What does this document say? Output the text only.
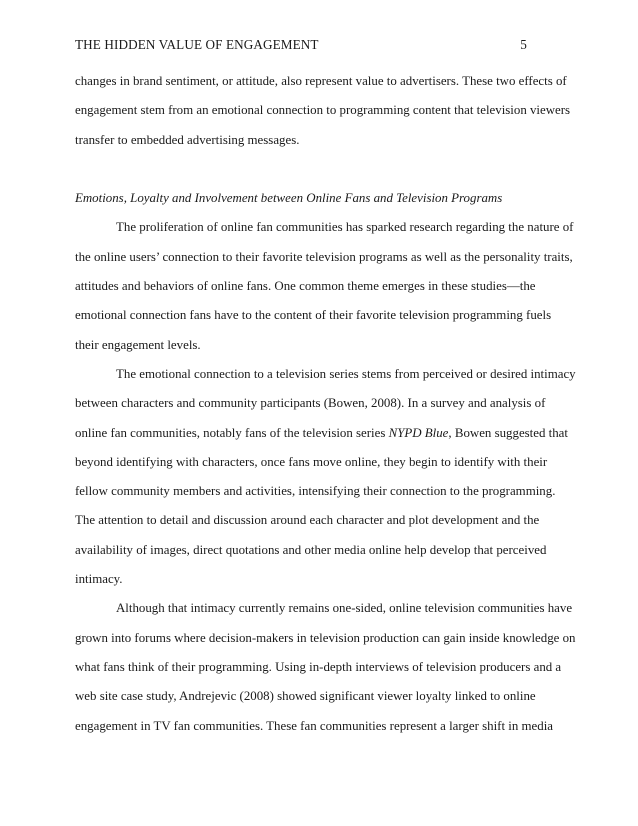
THE HIDDEN VALUE OF ENGAGEMENT	5
changes in brand sentiment, or attitude, also represent value to advertisers. These two effects of
engagement stem from an emotional connection to programming content that television viewers
transfer to embedded advertising messages.
Emotions, Loyalty and Involvement between Online Fans and Television Programs
The proliferation of online fan communities has sparked research regarding the nature of
the online users’ connection to their favorite television programs as well as the personality traits,
attitudes and behaviors of online fans. One common theme emerges in these studies—the
emotional connection fans have to the content of their favorite television programming fuels
their engagement levels.
The emotional connection to a television series stems from perceived or desired intimacy
between characters and community participants (Bowen, 2008). In a survey and analysis of
online fan communities, notably fans of the television series NYPD Blue, Bowen suggested that
beyond identifying with characters, once fans move online, they begin to identify with their
fellow community members and activities, intensifying their connection to the programming.
The attention to detail and discussion around each character and plot development and the
availability of images, direct quotations and other media online help develop that perceived
intimacy.
Although that intimacy currently remains one-sided, online television communities have
grown into forums where decision-makers in television production can gain inside knowledge on
what fans think of their programming. Using in-depth interviews of television producers and a
web site case study, Andrejevic (2008) showed significant viewer loyalty linked to online
engagement in TV fan communities. These fan communities represent a larger shift in media
